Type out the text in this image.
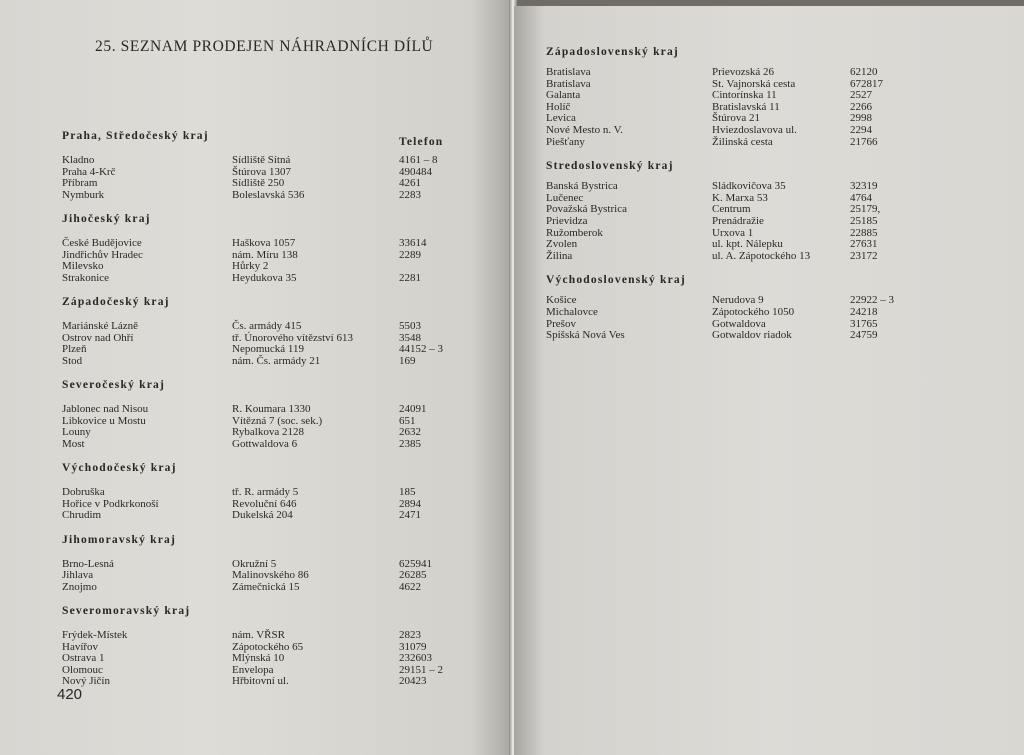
25. SEZNAM PRODEJEN NÁHRADNÍCH DÍLŮ
Telefon
Praha, Středočeský kraj
Kladno	Sídliště Sítná	4161 – 8
Praha 4-Krč	Štúrova 1307	490484
Příbram	Sídliště 250	4261
Nymburk	Boleslavská 536	2283
Jihočeský kraj
České Budějovice	Haškova 1057	33614
Jindřichův Hradec	nám. Míru 138	2289
Milevsko	Hůrky 2
Strakonice	Heydukova 35	2281
Západočeský kraj
Mariánské Lázně	Čs. armády 415	5503
Ostrov nad Ohří	tř. Únorového vítězství 613	3548
Plzeň	Nepomucká 119	44152 – 3
Stod	nám. Čs. armády 21	169
Severočeský kraj
Jablonec nad Nisou	R. Koumara 1330	24091
Libkovice u Mostu	Vítězná 7 (soc. sek.)	651
Louny	Rybalkova 2128	2632
Most	Gottwaldova 6	2385
Východočeský kraj
Dobruška	tř. R. armády 5	185
Hořice v Podkrkonoší	Revoluční 646	2894
Chrudim	Dukelská 204	2471
Jihomoravský kraj
Brno-Lesná	Okružní 5	625941
Jihlava	Malinovského 86	26285
Znojmo	Zámečnická 15	4622
Severomoravský kraj
Frýdek-Místek	nám. VŘSR	2823
Havířov	Zápotockého 65	31079
Ostrava 1	Mlýnská 10	232603
Olomouc	Envelopa	29151 – 2
Nový Jičín	Hřbitovní ul.	20423
420
Západoslovenský kraj
Bratislava	Prievozská 26	62120
Bratislava	St. Vajnorská cesta	672817
Galanta	Cintorínska 11	2527
Holíč	Bratislavská 11	2266
Levica	Štúrova 21	2998
Nové Mesto n. V.	Hviezdoslavova ul.	2294
Piešťany	Žilinská cesta	21766
Stredoslovenský kraj
Banská Bystrica	Sládkovičova 35	32319
Lučenec	K. Marxa 53	4764
Považská Bystrica	Centrum	25179,
Prievidza	Prenádražie	25185
Ružomberok	Urxova 1	22885
Zvolen	ul. kpt. Nálepku	27631
Žilina	ul. A. Zápotockého 13	23172
Východoslovenský kraj
Košice	Nerudova 9	22922 – 3
Michalovce	Zápotockého 1050	24218
Prešov	Gotwaldova	31765
Spišská Nová Ves	Gotwaldov riadok	24759
